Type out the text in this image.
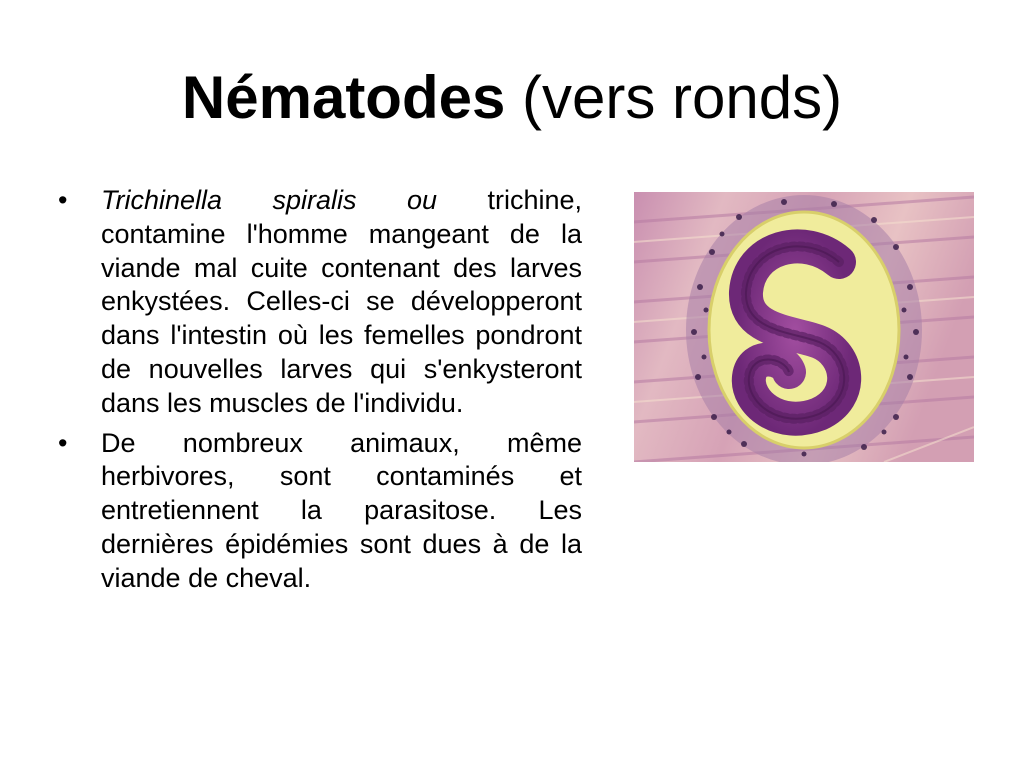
Nématodes (vers ronds)
• Trichinella spiralis ou trichine, contamine l'homme mangeant de la viande mal cuite contenant des larves enkystées. Celles-ci se développeront dans l'intestin où les femelles pondront de nouvelles larves qui s'enkysteront dans les muscles de l'individu.
• De nombreux animaux, même herbivores, sont contaminés et entretiennent la parasitose. Les dernières épidémies sont dues à de la viande de cheval.
